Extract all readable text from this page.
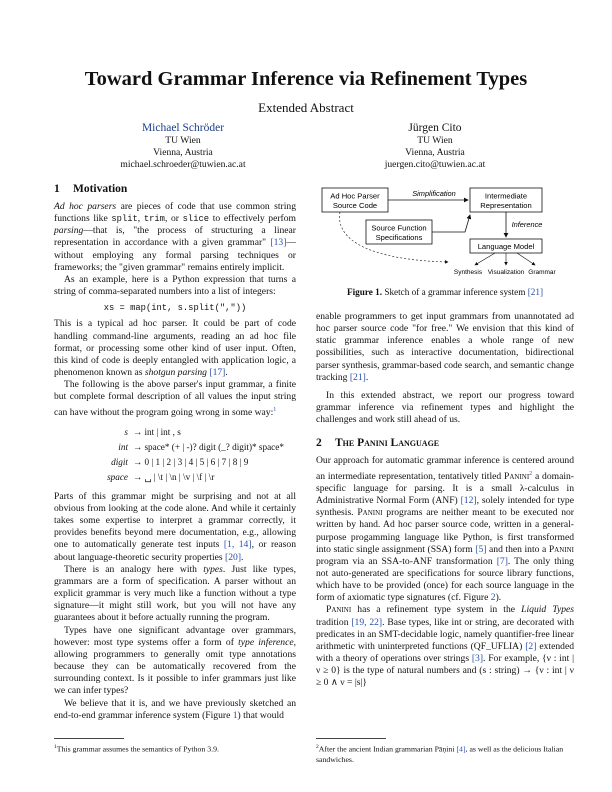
Toward Grammar Inference via Refinement Types
Extended Abstract
Michael Schröder
TU Wien
Vienna, Austria
michael.schroeder@tuwien.ac.at
Jürgen Cito
TU Wien
Vienna, Austria
juergen.cito@tuwien.ac.at
1 Motivation

Ad hoc parsers are pieces of code that use common string functions like split, trim, or slice to effectively perfom parsing—that is, "the process of structuring a linear representation in accordance with a given grammar" [13]—without employing any formal parsing techniques or frameworks; the "given grammar" remains entirely implicit.

As an example, here is a Python expression that turns a string of comma-separated numbers into a list of integers:

xs = map(int, s.split(","))

This is a typical ad hoc parser. It could be part of code handling command-line arguments, reading an ad hoc file format, or processing some other kind of user input. Often, this kind of code is deeply entangled with application logic, a phenomenon known as shotgun parsing [17].

The following is the above parser's input grammar, a finite but complete formal description of all values the input string can have without the program going wrong in some way:$^1$

s → int | int , s
int → space* (+ | -)? digit (_? digit)* space*
digit → 0 | 1 | 2 | 3 | 4 | 5 | 6 | 7 | 8 | 9
space → ␣ | \t | \n | \v | \f | \r

Parts of this grammar might be surprising and not at all obvious from looking at the code alone. And while it certainly takes some expertise to interpret a grammar correctly, it provides benefits beyond mere documentation, e.g., allowing one to automatically generate test inputs [1, 14], or reason about language-theoretic security properties [20].

There is an analogy here with types. Just like types, grammars are a form of specification. A parser without an explicit grammar is very much like a function without a type signature—it might still work, but you will not have any guarantees about it before actually running the program.

Types have one significant advantage over grammars, however: most type systems offer a form of type inference, allowing programmers to generally omit type annotations because they can be automatically recovered from the surrounding context. Is it possible to infer grammars just like we can infer types?

We believe that it is, and we have previously sketched an end-to-end grammar inference system (Figure 1) that would

$^1$This grammar assumes the semantics of Python 3.9.
Ad Hoc Parser
Source Code
Intermediate
Representation
Source Function
Specifications
Language Model
Simplification
Inference
Synthesis Visualization Grammar
Figure 1. Sketch of a grammar inference system [21]

enable programmers to get input grammars from unannotated ad hoc parser source code "for free." We envision that this kind of static grammar inference enables a whole range of new possibilities, such as interactive documentation, bidirectional parser synthesis, grammar-based code search, and semantic change tracking [21].

In this extended abstract, we report our progress toward grammar inference via refinement types and highlight the challenges and work still ahead of us.

2 The Panini Language

Our approach for automatic grammar inference is centered around an intermediate representation, tentatively titled Panini$^2$ a domain-specific language for parsing. It is a small λ-calculus in Administrative Normal Form (ANF) [12], solely intended for type synthesis. Panini programs are neither meant to be executed nor written by hand. Ad hoc parser source code, written in a general-purpose progamming language like Python, is first transformed into static single assignment (SSA) form [5] and then into a Panini program via an SSA-to-ANF transformation [7]. The only thing not auto-generated are specifications for source library functions, which have to be provided (once) for each source language in the form of axiomatic type signatures (cf. Figure 2).

Panini has a refinement type system in the Liquid Types tradition [19, 22]. Base types, like int or string, are decorated with predicates in an SMT-decidable logic, namely quantifier-free linear arithmetic with uninterpreted functions (QF_UFLIA) [2] extended with a theory of operations over strings [3]. For example, {ν : int | ν ≥ 0} is the type of natural numbers and (s : string) → {ν : int | ν ≥ 0 ∧ ν = |s|}

$^2$After the ancient Indian grammarian Pāṇini [4], as well as the delicious Italian sandwiches.
